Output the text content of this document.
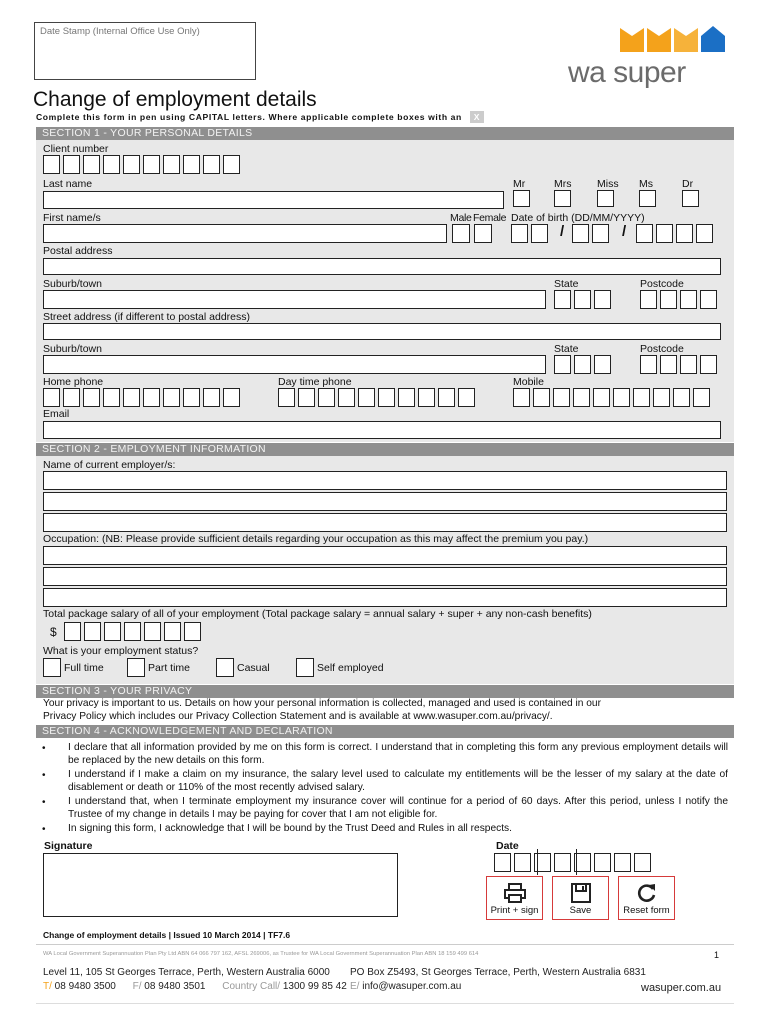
Date Stamp (Internal Office Use Only)
wa super
Change of employment details
Complete this form in pen using CAPITAL letters. Where applicable complete boxes with an X
SECTION 1 - YOUR PERSONAL DETAILS
Client number
Last name	Mr	Mrs Miss Ms	Dr
First name/s	Male Female Date of birth (DD/MM/YYYY)
/	/
Postal address
Suburb/town	State	Postcode
Street address (if different to postal address)
Suburb/town	State	Postcode
Home phone	Day time phone	Mobile
Email
SECTION 2 - EMPLOYMENT INFORMATION
Name of current employer/s:
Occupation: (NB: Please provide sufficient details regarding your occupation as this may affect the premium you pay.)
Total package salary of all of your employment (Total package salary = annual salary + super + any non-cash benefits)
$
What is your employment status?
Full time	Part time	Casual	Self employed
SECTION 3 - YOUR PRIVACY
Your privacy is important to us. Details on how your personal information is collected, managed and used is contained in our
Privacy Policy which includes our Privacy Collection Statement and is available at www.wasuper.com.au/privacy/.
SECTION 4 - ACKNOWLEDGEMENT AND DECLARATION
• I declare that all information provided by me on this form is correct. I understand that in completing this form any previous employment details will be replaced by the new details on this form.
• I understand if I make a claim on my insurance, the salary level used to calculate my entitlements will be the lesser of my salary at the date of disablement or death or 110% of the most recently advised salary.
• I understand that, when I terminate employment my insurance cover will continue for a period of 60 days. After this period, unless I notify the Trustee of my change in details I may be paying for cover that I am not eligible for.
• In signing this form, I acknowledge that I will be bound by the Trust Deed and Rules in all respects.
Signature	Date
Print + sign	Save	Reset form
Change of employment details | Issued 10 March 2014 | TF7.6
WA Local Government Superannuation Plan Pty Ltd ABN 64 066 797 162, AFSL 269006, as Trustee for WA Local Government Superannuation Plan ABN 18 159 499 614	1
Level 11, 105 St Georges Terrace, Perth, Western Australia 6000 PO Box Z5493, St Georges Terrace, Perth, Western Australia 6831
T/ 08 9480 3500 F/ 08 9480 3501 Country Call/ 1300 99 85 42 E/ info@wasuper.com.au	wasuper.com.au
